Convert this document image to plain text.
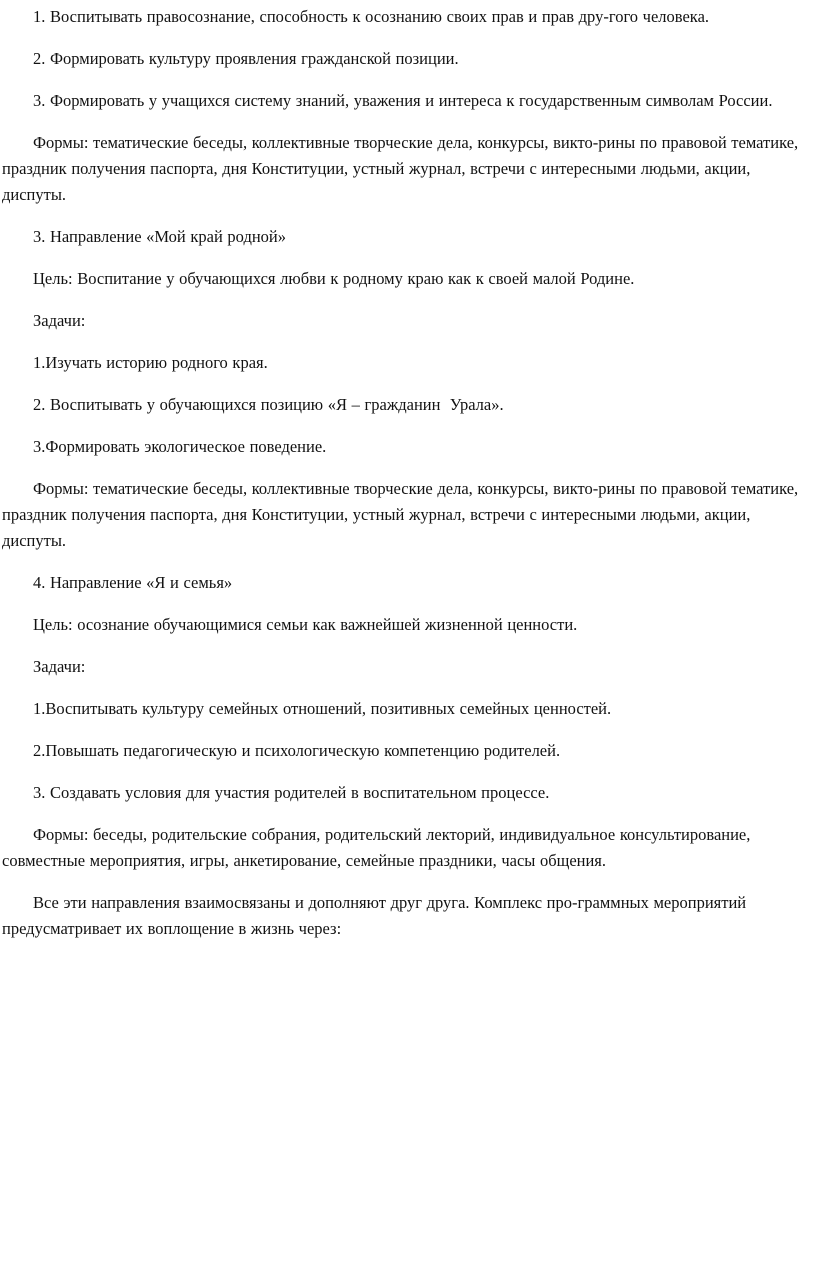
1. Воспитывать правосознание, способность к осознанию своих прав и прав дру-гого человека.

2. Формировать культуру проявления гражданской позиции.

3. Формировать у учащихся систему знаний, уважения и интереса к государственным символам России.

Формы: тематические беседы, коллективные творческие дела, конкурсы, викто-рины по правовой тематике, праздник получения паспорта, дня Конституции, устный журнал, встречи с интересными людьми, акции, диспуты.

3. Направление «Мой край родной»

Цель: Воспитание у обучающихся любви к родному краю как к своей малой Родине.

Задачи:

1.Изучать историю родного края.

2. Воспитывать у обучающихся позицию «Я – гражданин  Урала».

3.Формировать экологическое поведение.

Формы: тематические беседы, коллективные творческие дела, конкурсы, викто-рины по правовой тематике, праздник получения паспорта, дня Конституции, устный журнал, встречи с интересными людьми, акции, диспуты.

4. Направление «Я и семья»

Цель: осознание обучающимися семьи как важнейшей жизненной ценности.

Задачи:

1.Воспитывать культуру семейных отношений, позитивных семейных ценностей.

2.Повышать педагогическую и психологическую компетенцию родителей.

3. Создавать условия для участия родителей в воспитательном процессе.

Формы: беседы, родительские собрания, родительский лекторий, индивидуальное консультирование, совместные мероприятия, игры, анкетирование, семейные праздники, часы общения.

Все эти направления взаимосвязаны и дополняют друг друга. Комплекс про-граммных мероприятий предусматривает их воплощение в жизнь через:
